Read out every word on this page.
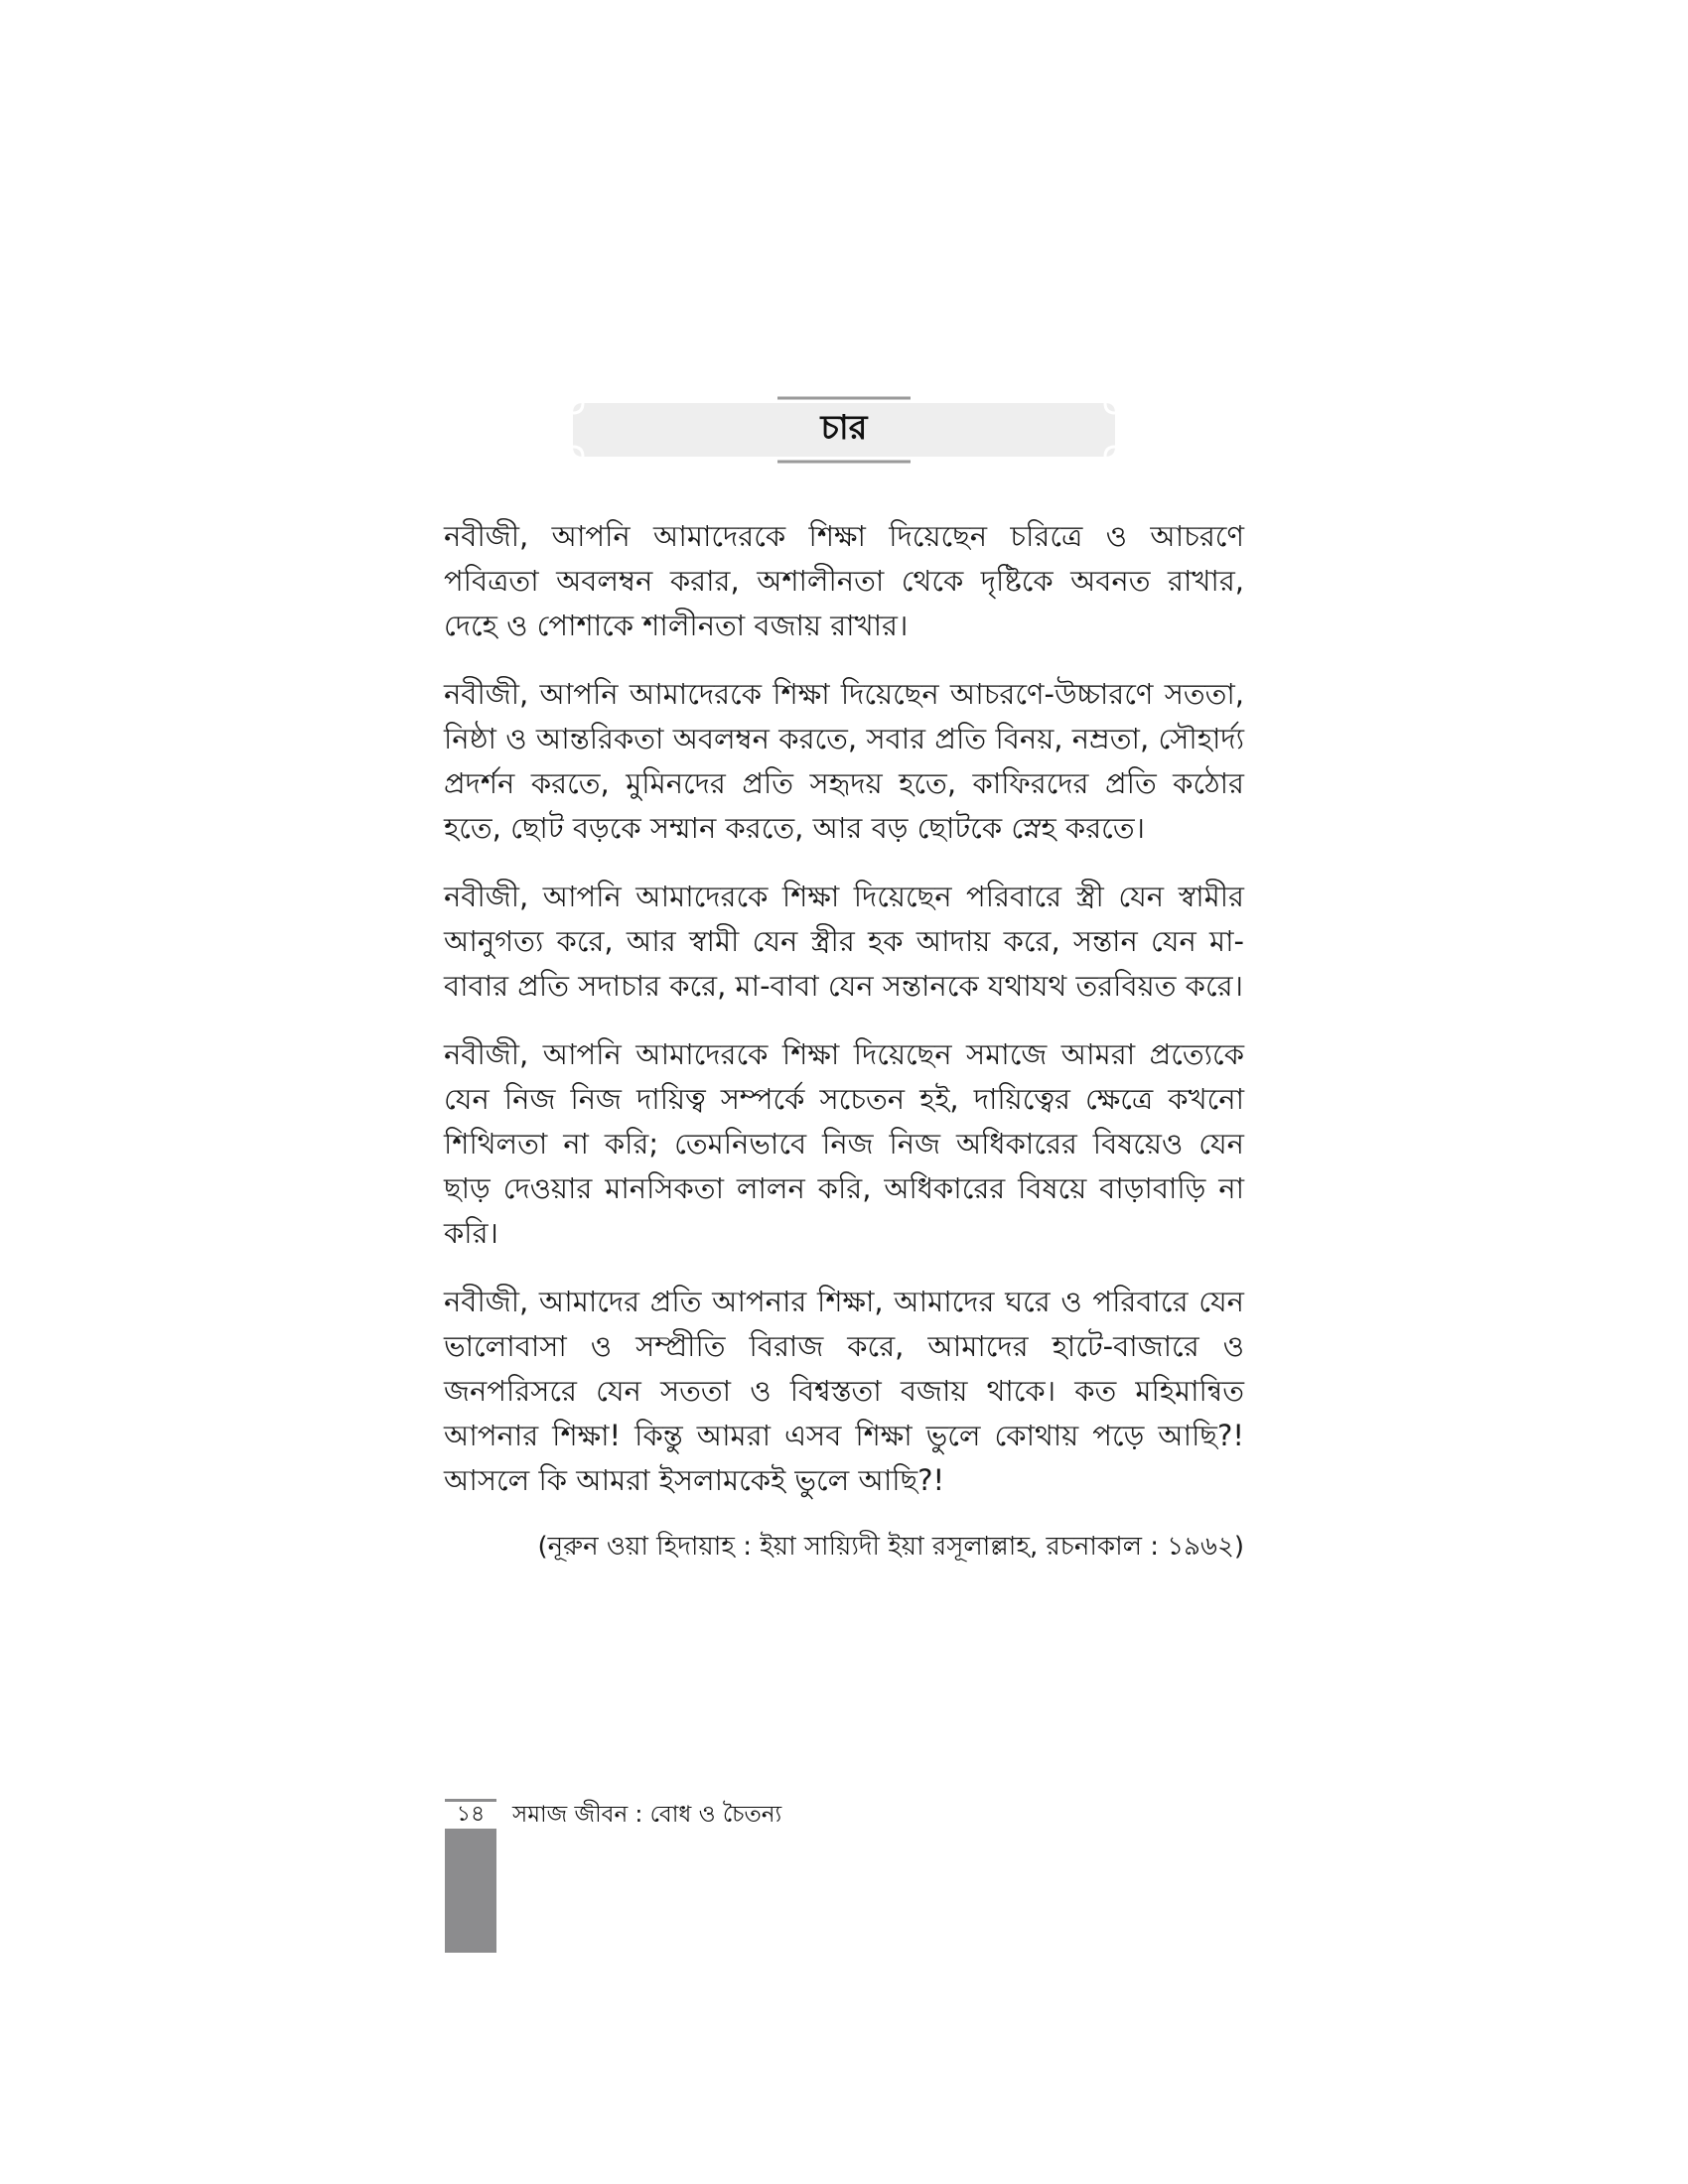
চার

নবীজী, আপনি আমাদেরকে শিক্ষা দিয়েছেন চরিত্রে ও আচরণে পবিত্রতা অবলম্বন করার, অশালীনতা থেকে দৃষ্টিকে অবনত রাখার, দেহে ও পোশাকে শালীনতা বজায় রাখার।

নবীজী, আপনি আমাদেরকে শিক্ষা দিয়েছেন আচরণে-উচ্চারণে সততা, নিষ্ঠা ও আন্তরিকতা অবলম্বন করতে, সবার প্রতি বিনয়, নম্রতা, সৌহার্দ্য প্রদর্শন করতে, মুমিনদের প্রতি সহৃদয় হতে, কাফিরদের প্রতি কঠোর হতে, ছোট বড়কে সম্মান করতে, আর বড় ছোটকে স্নেহ করতে।

নবীজী, আপনি আমাদেরকে শিক্ষা দিয়েছেন পরিবারে স্ত্রী যেন স্বামীর আনুগত্য করে, আর স্বামী যেন স্ত্রীর হক আদায় করে, সন্তান যেন মা-বাবার প্রতি সদাচার করে, মা-বাবা যেন সন্তানকে যথাযথ তরবিয়ত করে।

নবীজী, আপনি আমাদেরকে শিক্ষা দিয়েছেন সমাজে আমরা প্রত্যেকে যেন নিজ নিজ দায়িত্ব সম্পর্কে সচেতন হই, দায়িত্বের ক্ষেত্রে কখনো শিথিলতা না করি; তেমনিভাবে নিজ নিজ অধিকারের বিষয়েও যেন ছাড় দেওয়ার মানসিকতা লালন করি, অধিকারের বিষয়ে বাড়াবাড়ি না করি।

নবীজী, আমাদের প্রতি আপনার শিক্ষা, আমাদের ঘরে ও পরিবারে যেন ভালোবাসা ও সম্প্রীতি বিরাজ করে, আমাদের হাটে-বাজারে ও জনপরিসরে যেন সততা ও বিশ্বস্ততা বজায় থাকে। কত মহিমান্বিত আপনার শিক্ষা! কিন্তু আমরা এসব শিক্ষা ভুলে কোথায় পড়ে আছি?! আসলে কি আমরা ইসলামকেই ভুলে আছি?!

(নূরুন ওয়া হিদায়াহ : ইয়া সায়্যিদী ইয়া রসূলাল্লাহ, রচনাকাল : ১৯৬২)

১৪	সমাজ জীবন : বোধ ও চৈতন্য
